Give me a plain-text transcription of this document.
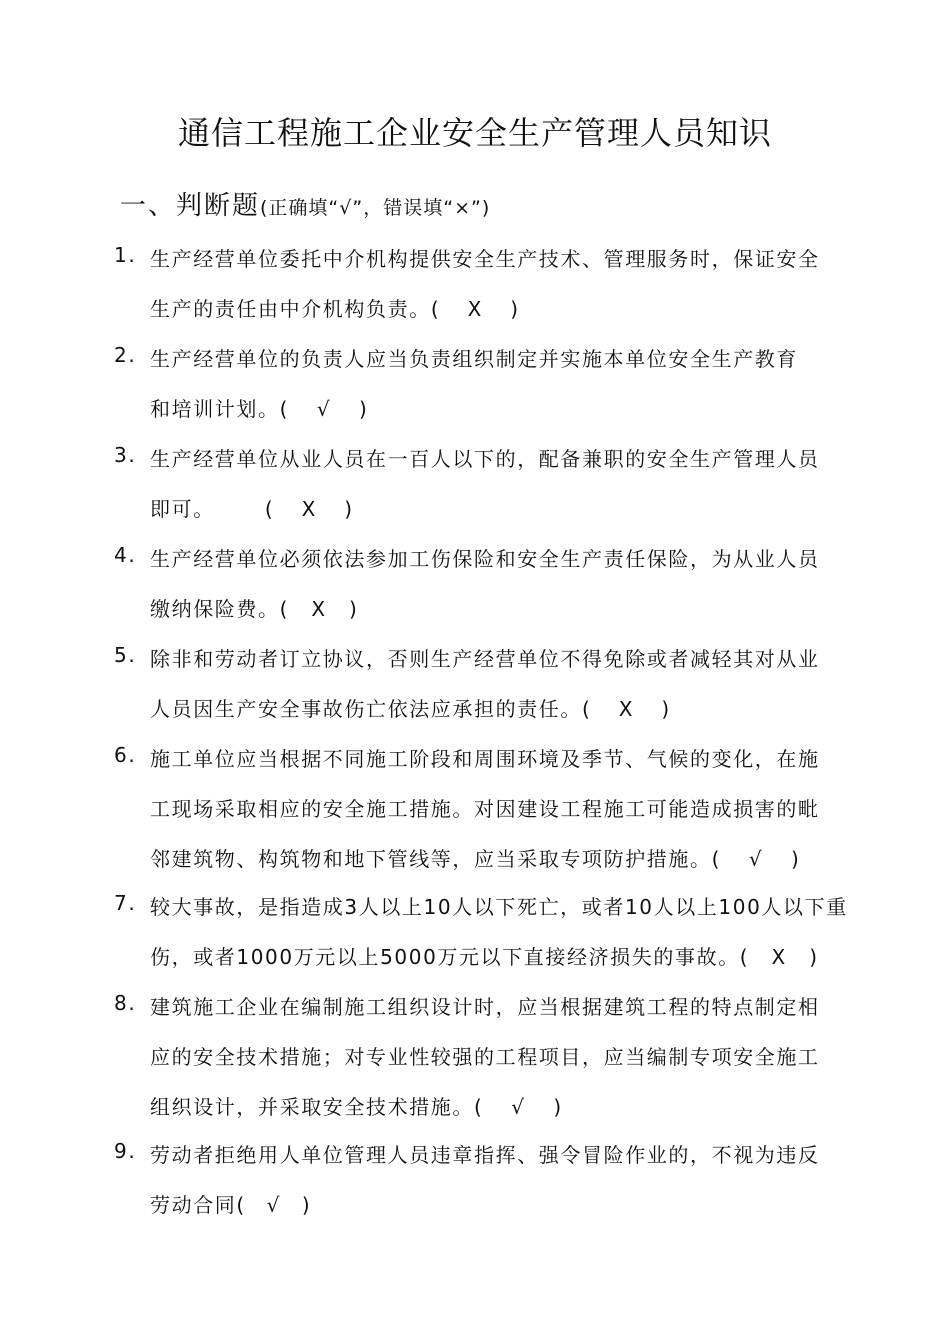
通信工程施工企业安全生产管理人员知识
一、判断题(正确填“√”，错误填“×”)
1. 生产经营单位委托中介机构提供安全生产技术、管理服务时，保证安全
生产的责任由中介机构负责。( X )
2. 生产经营单位的负责人应当负责组织制定并实施本单位安全生产教育
和培训计划。( √ )
3. 生产经营单位从业人员在一百人以下的，配备兼职的安全生产管理人员
即可。	( X )
4. 生产经营单位必须依法参加工伤保险和安全生产责任保险，为从业人员
缴纳保险费。( X )
5. 除非和劳动者订立协议，否则生产经营单位不得免除或者减轻其对从业
人员因生产安全事故伤亡依法应承担的责任。( X )
6. 施工单位应当根据不同施工阶段和周围环境及季节、气候的变化，在施
工现场采取相应的安全施工措施。对因建设工程施工可能造成损害的毗
邻建筑物、构筑物和地下管线等，应当采取专项防护措施。( √ )
7. 较大事故，是指造成3人以上10人以下死亡，或者10人以上100人以下重
伤，或者1000万元以上5000万元以下直接经济损失的事故。( X )
8. 建筑施工企业在编制施工组织设计时，应当根据建筑工程的特点制定相
应的安全技术措施；对专业性较强的工程项目，应当编制专项安全施工
组织设计，并采取安全技术措施。( √ )
9. 劳动者拒绝用人单位管理人员违章指挥、强令冒险作业的，不视为违反
劳动合同( √ )
